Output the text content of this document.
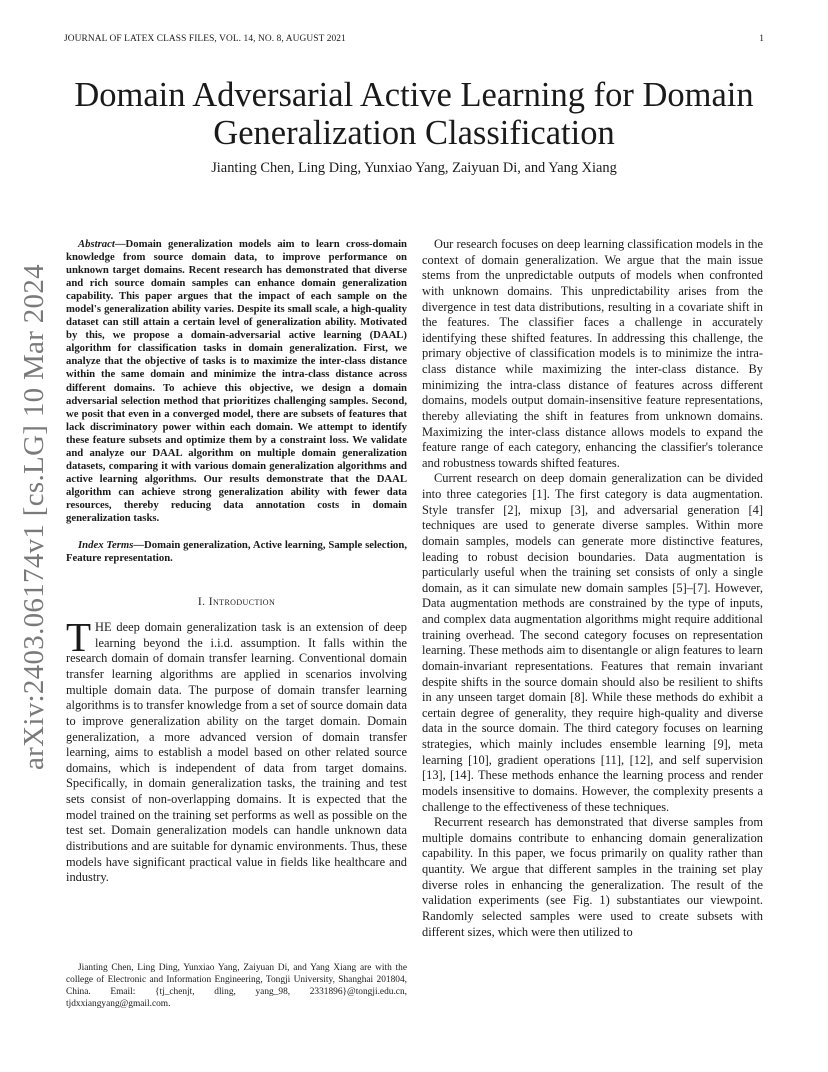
JOURNAL OF LATEX CLASS FILES, VOL. 14, NO. 8, AUGUST 2021	1
arXiv:2403.06174v1 [cs.LG] 10 Mar 2024
Domain Adversarial Active Learning for Domain Generalization Classification
Jianting Chen, Ling Ding, Yunxiao Yang, Zaiyuan Di, and Yang Xiang

Abstract—Domain generalization models aim to learn cross-domain knowledge from source domain data, to improve performance on unknown target domains. Recent research has demonstrated that diverse and rich source domain samples can enhance domain generalization capability. This paper argues that the impact of each sample on the model's generalization ability varies. Despite its small scale, a high-quality dataset can still attain a certain level of generalization ability. Motivated by this, we propose a domain-adversarial active learning (DAAL) algorithm for classification tasks in domain generalization. First, we analyze that the objective of tasks is to maximize the inter-class distance within the same domain and minimize the intra-class distance across different domains. To achieve this objective, we design a domain adversarial selection method that prioritizes challenging samples. Second, we posit that even in a converged model, there are subsets of features that lack discriminatory power within each domain. We attempt to identify these feature subsets and optimize them by a constraint loss. We validate and analyze our DAAL algorithm on multiple domain generalization datasets, comparing it with various domain generalization algorithms and active learning algorithms. Our results demonstrate that the DAAL algorithm can achieve strong generalization ability with fewer data resources, thereby reducing data annotation costs in domain generalization tasks.

Index Terms—Domain generalization, Active learning, Sample selection, Feature representation.

I. Introduction

THE deep domain generalization task is an extension of deep learning beyond the i.i.d. assumption. It falls within the research domain of domain transfer learning. Conventional domain transfer learning algorithms are applied in scenarios involving multiple domain data. The purpose of domain transfer learning algorithms is to transfer knowledge from a set of source domain data to improve generalization ability on the target domain. Domain generalization, a more advanced version of domain transfer learning, aims to establish a model based on other related source domains, which is independent of data from target domains. Specifically, in domain generalization tasks, the training and test sets consist of non-overlapping domains. It is expected that the model trained on the training set performs as well as possible on the test set. Domain generalization models can handle unknown data distributions and are suitable for dynamic environments. Thus, these models have significant practical value in fields like healthcare and industry.

Jianting Chen, Ling Ding, Yunxiao Yang, Zaiyuan Di, and Yang Xiang are with the college of Electronic and Information Engineering, Tongji University, Shanghai 201804, China. Email: {tj_chenjt, dling, yang_98, 2331896}@tongji.edu.cn, tjdxxiangyang@gmail.com.

Our research focuses on deep learning classification models in the context of domain generalization. We argue that the main issue stems from the unpredictable outputs of models when confronted with unknown domains. This unpredictability arises from the divergence in test data distributions, resulting in a covariate shift in the features. The classifier faces a challenge in accurately identifying these shifted features. In addressing this challenge, the primary objective of classification models is to minimize the intra-class distance while maximizing the inter-class distance. By minimizing the intra-class distance of features across different domains, models output domain-insensitive feature representations, thereby alleviating the shift in features from unknown domains. Maximizing the inter-class distance allows models to expand the feature range of each category, enhancing the classifier's tolerance and robustness towards shifted features.

Current research on deep domain generalization can be divided into three categories [1]. The first category is data augmentation. Style transfer [2], mixup [3], and adversarial generation [4] techniques are used to generate diverse samples. Within more domain samples, models can generate more distinctive features, leading to robust decision boundaries. Data augmentation is particularly useful when the training set consists of only a single domain, as it can simulate new domain samples [5]–[7]. However, Data augmentation methods are constrained by the type of inputs, and complex data augmentation algorithms might require additional training overhead. The second category focuses on representation learning. These methods aim to disentangle or align features to learn domain-invariant representations. Features that remain invariant despite shifts in the source domain should also be resilient to shifts in any unseen target domain [8]. While these methods do exhibit a certain degree of generality, they require high-quality and diverse data in the source domain. The third category focuses on learning strategies, which mainly includes ensemble learning [9], meta learning [10], gradient operations [11], [12], and self supervision [13], [14]. These methods enhance the learning process and render models insensitive to domains. However, the complexity presents a challenge to the effectiveness of these techniques.

Recurrent research has demonstrated that diverse samples from multiple domains contribute to enhancing domain generalization capability. In this paper, we focus primarily on quality rather than quantity. We argue that different samples in the training set play diverse roles in enhancing the generalization. The result of the validation experiments (see Fig. 1) substantiates our viewpoint. Randomly selected samples were used to create subsets with different sizes, which were then utilized to
